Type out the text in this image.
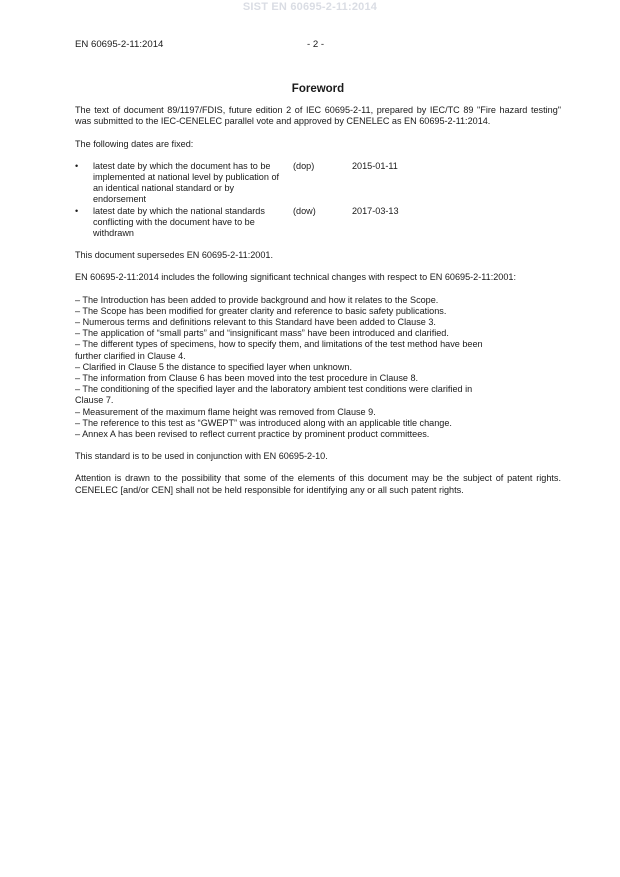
SIST EN 60695-2-11:2014
EN 60695-2-11:2014	- 2 -
Foreword

The text of document 89/1197/FDIS, future edition 2 of IEC 60695-2-11, prepared by IEC/TC 89 "Fire hazard testing" was submitted to the IEC-CENELEC parallel vote and approved by CENELEC as EN 60695-2-11:2014.

The following dates are fixed:

•	latest date by which the document has to be implemented at national level by publication of an identical national standard or by endorsement	(dop)	2015-01-11
•	latest date by which the national standards conflicting with the document have to be withdrawn	(dow)	2017-03-13

This document supersedes EN 60695-2-11:2001.

EN 60695-2-11:2014 includes the following significant technical changes with respect to EN 60695-2-11:2001:

– The Introduction has been added to provide background and how it relates to the Scope.
– The Scope has been modified for greater clarity and reference to basic safety publications.
– Numerous terms and definitions relevant to this Standard have been added to Clause 3.
– The application of “small parts” and “insignificant mass” have been introduced and clarified.
– The different types of specimens, how to specify them, and limitations of the test method have been further clarified in Clause 4.
– Clarified in Clause 5 the distance to specified layer when unknown.
– The information from Clause 6 has been moved into the test procedure in Clause 8.
– The conditioning of the specified layer and the laboratory ambient test conditions were clarified in Clause 7.
– Measurement of the maximum flame height was removed from Clause 9.
– The reference to this test as “GWEPT” was introduced along with an applicable title change.
– Annex A has been revised to reflect current practice by prominent product committees.

This standard is to be used in conjunction with EN 60695-2-10.

Attention is drawn to the possibility that some of the elements of this document may be the subject of patent rights. CENELEC [and/or CEN] shall not be held responsible for identifying any or all such patent rights.
